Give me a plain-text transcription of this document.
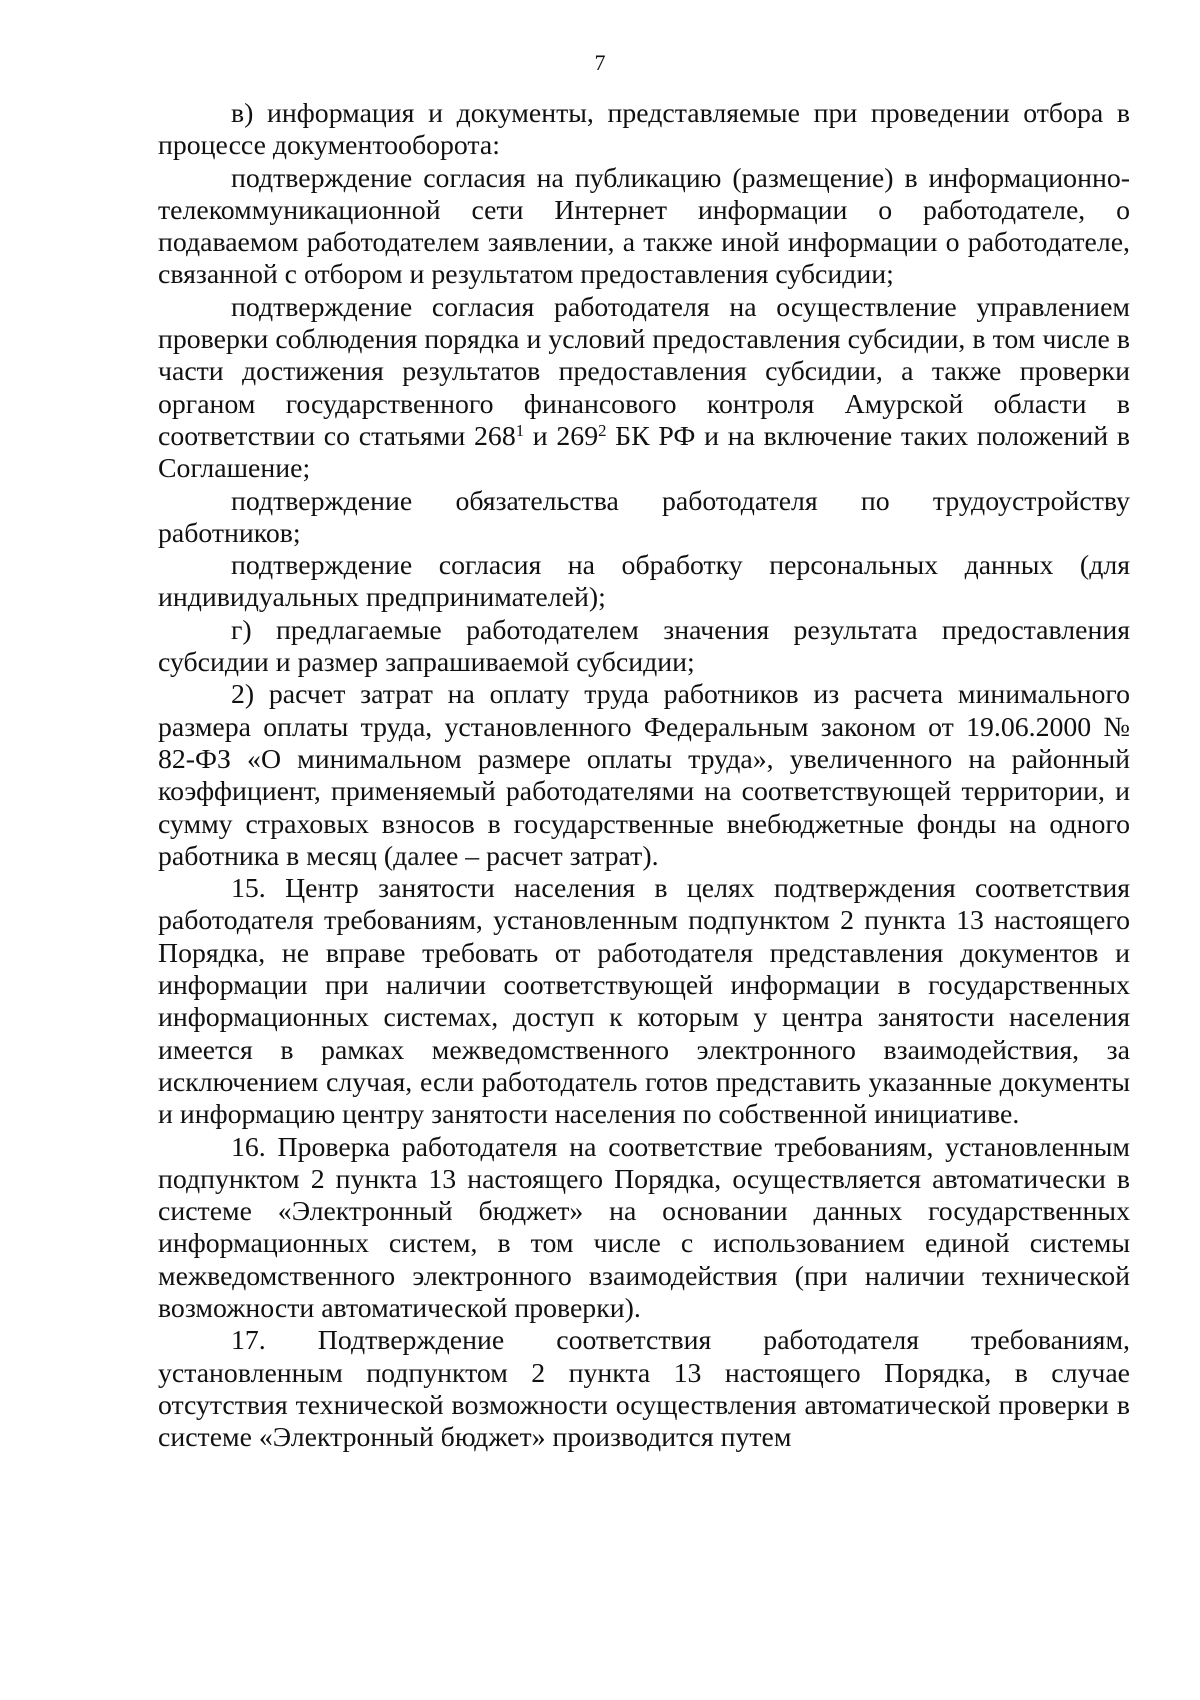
7

в) информация и документы, представляемые при проведении отбора в процессе документооборота:

подтверждение согласия на публикацию (размещение) в информационно-телекоммуникационной сети Интернет информации о работодателе, о подаваемом работодателем заявлении, а также иной информации о работодателе, связанной с отбором и результатом предоставления субсидии;

подтверждение согласия работодателя на осуществление управлением проверки соблюдения порядка и условий предоставления субсидии, в том числе в части достижения результатов предоставления субсидии, а также проверки органом государственного финансового контроля Амурской области в соответствии со статьями $268^1$ и $269^2$ БК РФ и на включение таких положений в Соглашение;

подтверждение обязательства работодателя по трудоустройству работников;

подтверждение согласия на обработку персональных данных (для индивидуальных предпринимателей);

г) предлагаемые работодателем значения результата предоставления субсидии и размер запрашиваемой субсидии;

2) расчет затрат на оплату труда работников из расчета минимального размера оплаты труда, установленного Федеральным законом от 19.06.2000 № 82-ФЗ «О минимальном размере оплаты труда», увеличенного на районный коэффициент, применяемый работодателями на соответствующей территории, и сумму страховых взносов в государственные внебюджетные фонды на одного работника в месяц (далее – расчет затрат).

15. Центр занятости населения в целях подтверждения соответствия работодателя требованиям, установленным подпунктом 2 пункта 13 настоящего Порядка, не вправе требовать от работодателя представления документов и информации при наличии соответствующей информации в государственных информационных системах, доступ к которым у центра занятости населения имеется в рамках межведомственного электронного взаимодействия, за исключением случая, если работодатель готов представить указанные документы и информацию центру занятости населения по собственной инициативе.

16. Проверка работодателя на соответствие требованиям, установленным подпунктом 2 пункта 13 настоящего Порядка, осуществляется автоматически в системе «Электронный бюджет» на основании данных государственных информационных систем, в том числе с использованием единой системы межведомственного электронного взаимодействия (при наличии технической возможности автоматической проверки).

17. Подтверждение соответствия работодателя требованиям, установленным подпунктом 2 пункта 13 настоящего Порядка, в случае отсутствия технической возможности осуществления автоматической проверки в системе «Электронный бюджет» производится путем
